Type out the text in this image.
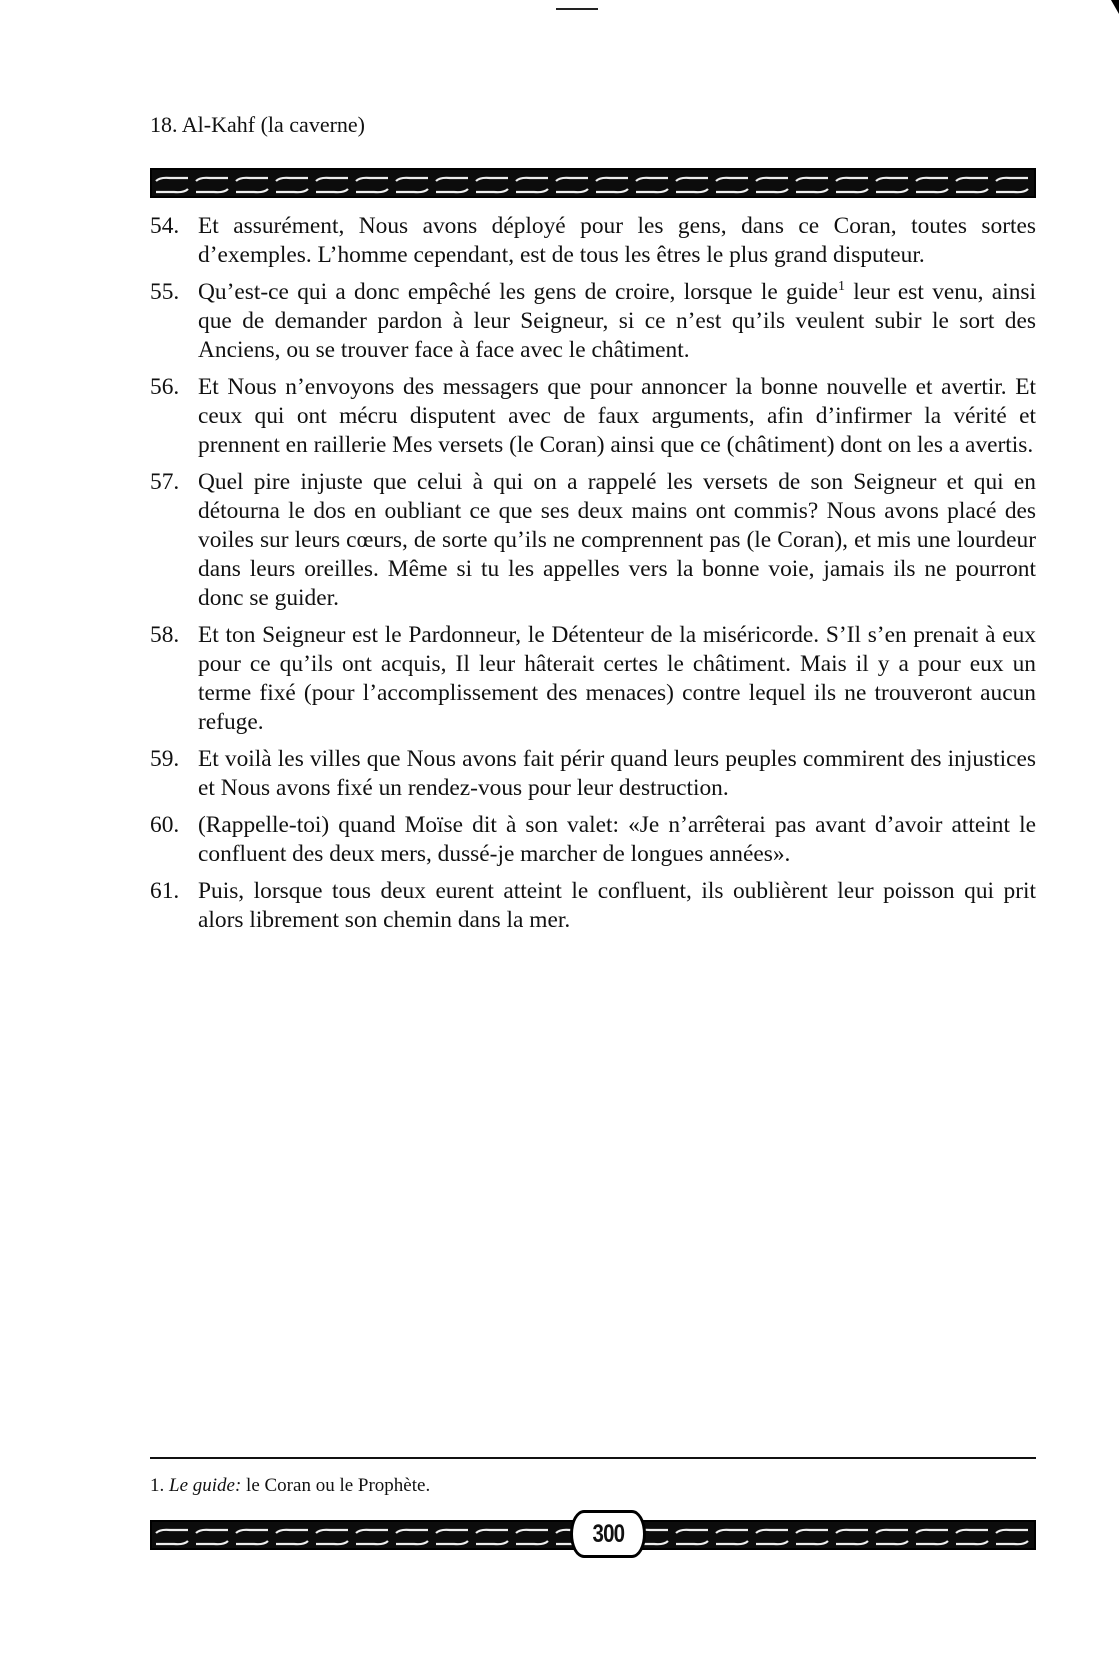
18. Al-Kahf (la caverne)
54. Et assurément, Nous avons déployé pour les gens, dans ce Coran, toutes sortes d’exemples. L’homme cependant, est de tous les êtres le plus grand disputeur.
55. Qu’est-ce qui a donc empêché les gens de croire, lorsque le guide$^1$ leur est venu, ainsi que de demander pardon à leur Seigneur, si ce n’est qu’ils veulent subir le sort des Anciens, ou se trouver face à face avec le châtiment.
56. Et Nous n’envoyons des messagers que pour annoncer la bonne nouvelle et avertir. Et ceux qui ont mécru disputent avec de faux arguments, afin d’infirmer la vérité et prennent en raillerie Mes versets (le Coran) ainsi que ce (châtiment) dont on les a avertis.
57. Quel pire injuste que celui à qui on a rappelé les versets de son Seigneur et qui en détourna le dos en oubliant ce que ses deux mains ont commis? Nous avons placé des voiles sur leurs cœurs, de sorte qu’ils ne comprennent pas (le Coran), et mis une lourdeur dans leurs oreilles. Même si tu les appelles vers la bonne voie, jamais ils ne pourront donc se guider.
58. Et ton Seigneur est le Pardonneur, le Détenteur de la miséricorde. S’Il s’en prenait à eux pour ce qu’ils ont acquis, Il leur hâterait certes le châtiment. Mais il y a pour eux un terme fixé (pour l’accomplissement des menaces) contre lequel ils ne trouveront aucun refuge.
59. Et voilà les villes que Nous avons fait périr quand leurs peuples commirent des injustices et Nous avons fixé un rendez-vous pour leur destruction.
60. (Rappelle-toi) quand Moïse dit à son valet: «Je n’arrêterai pas avant d’avoir atteint le confluent des deux mers, dussé-je marcher de longues années».
61. Puis, lorsque tous deux eurent atteint le confluent, ils oublièrent leur poisson qui prit alors librement son chemin dans la mer.
1. Le guide: le Coran ou le Prophète.
300
